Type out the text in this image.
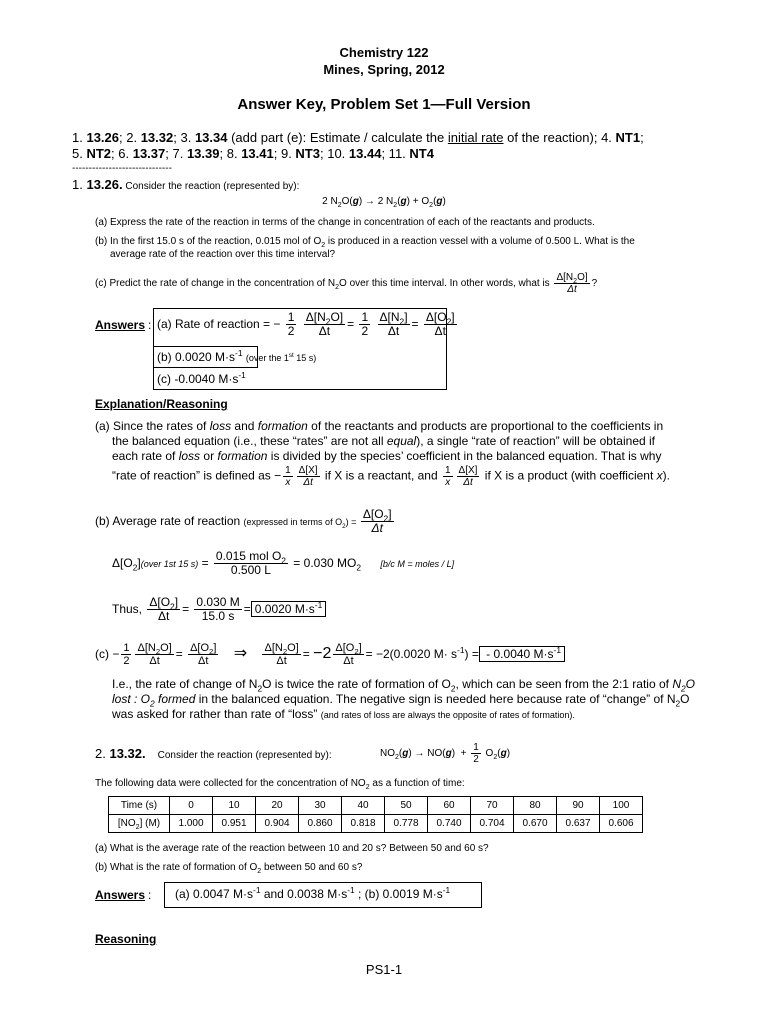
Chemistry 122
Mines, Spring, 2012
Answer Key, Problem Set 1—Full Version
1. 13.26; 2. 13.32; 3. 13.34 (add part (e): Estimate / calculate the initial rate of the reaction); 4. NT1;
5. NT2; 6. 13.37; 7. 13.39; 8. 13.41; 9. NT3; 10. 13.44; 11. NT4
------------------------------
1. 13.26. Consider the reaction (represented by):
2 $N_2O(g) \to 2$ $N_2(g) + O_2(g)$
(a) Express the rate of the reaction in terms of the change in concentration of each of the reactants and products.
(b) In the first 15.0 s of the reaction, 0.015 mol of $O_2$ is produced in a reaction vessel with a volume of 0.500 L. What is the
average rate of the reaction over this time interval?
(c) Predict the rate of change in the concentration of $N_2O$ over this time interval. In other words, what is $\frac{\Delta[N_2O]}{\Delta t}$ ?
Answers : (a) Rate of reaction = − $\frac{1}{2}$
$\frac{\Delta[N_2O]}{\Delta t} = \frac{1}{2}$
$\frac{\Delta[N_2]}{\Delta t} = \frac{\Delta[O_2]}{\Delta t}$
(b) 0.0020 $M\cdot s^{-1}$ (over the 1st 15 s)
(c) -0.0040 $M\cdot s^{-1}$
Explanation/Reasoning
(a) Since the rates of loss and formation of the reactants and products are proportional to the coefficients in
the balanced equation (i.e., these “rates” are not all equal), a single “rate of reaction” will be obtained if
each rate of loss or formation is divided by the species’ coefficient in the balanced equation. That is why
“rate of reaction” is defined as − $\frac{1}{x} \frac{\Delta[X]}{\Delta t}$ if X is a reactant, and $\frac{1}{x} \frac{\Delta[X]}{\Delta t}$ if X is a product (with coefficient x).
(b) Average rate of reaction (expressed in terms of $O_2) = \frac{\Delta[O_2]}{\Delta t}$
$\Delta[O_2](over$ 1st 15 $s) = \frac{0.015 mol O_2}{0.500 L} = 0.030$ $MO_2$ [b/c M = moles / L]
Thus, $\frac{\Delta[O_2]}{\Delta t} = \frac{0.030 M}{15.0 s} = 0.0020$ $M\cdot s^{-1}$
$(c) - \frac{1}{2} \frac{\Delta[N_2O]}{\Delta t} = \frac{\Delta[O_2]}{\Delta t}$ ⇒ $\frac{\Delta[N_2O]}{\Delta t} = -2 \frac{\Delta[O_2]}{\Delta t} = -2(0.0020$ $M\cdot s^{-1}$) = - 0.0040 $M\cdot s^{-1}$
I.e., the rate of change of $N_2O$ is twice the rate of formation of $O_2$, which can be seen from the 2:1 ratio of $N_2O$
lost : $O_2$ formed in the balanced equation. The negative sign is needed here because rate of “change” of $N_2O$
was asked for rather than rate of “loss” (and rates of loss are always the opposite of rates of formation).
2. 13.32. Consider the reaction (represented by):	$NO_2(g) \to NO(g) + \frac{1}{2} O_2(g)$
The following data were collected for the concentration of $NO_2$ as a function of time:
Time (s)	0	10	20	30	40	50	60	70	80	90	100
$[NO_2]$ (M)	1.000	0.951	0.904	0.860	0.818	0.778	0.740	0.704	0.670	0.637	0.606
(a) What is the average rate of the reaction between 10 and 20 s? Between 50 and 60 s?
(b) What is the rate of formation of $O_2$ between 50 and 60 s?
Answers :	(a) 0.0047 $M\cdot s^{-1}$ and 0.0038 $M\cdot s^{-1}$ ; (b) 0.0019 $M\cdot s^{-1}$
Reasoning
PS1-1
